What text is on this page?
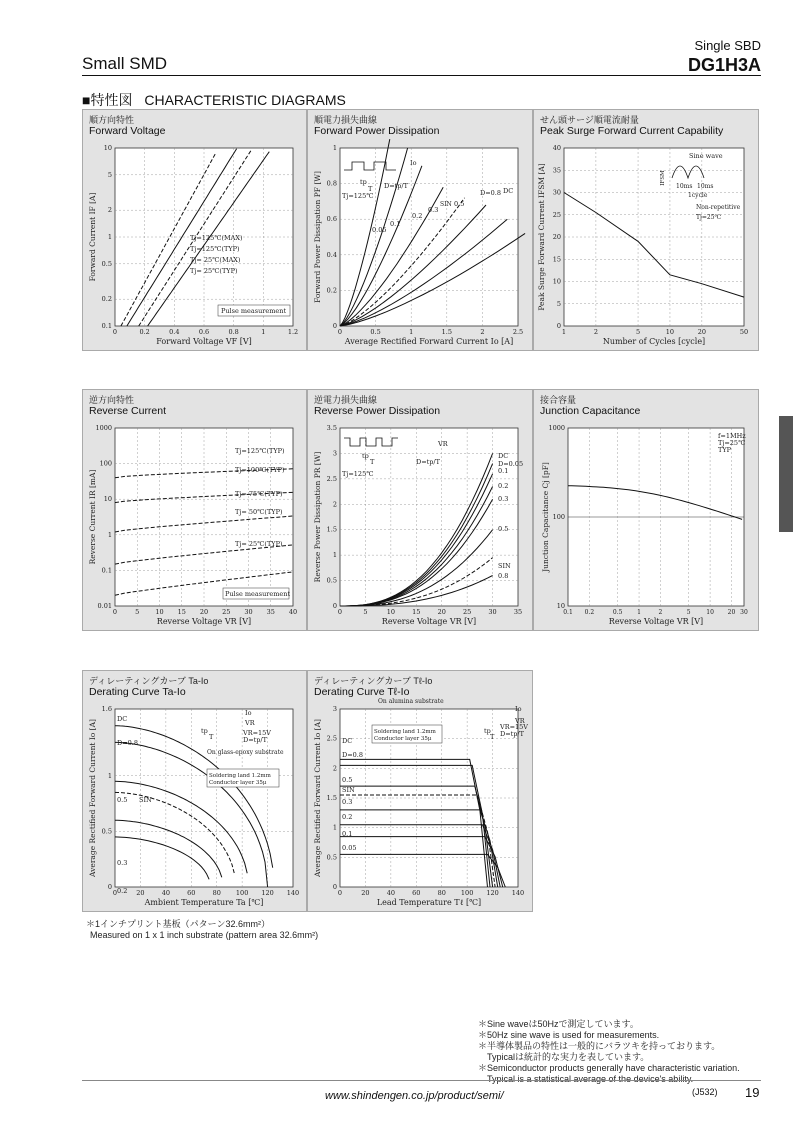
Small SMD
Single SBD
DG1H3A
■特性図 CHARACTERISTIC DIAGRAMS
順方向特性
Forward Voltage
Forward Voltage VF [V]
Forward Current IF [A]
0	0.2	0.4	0.6	0.8	1	1.2
0.1
0.2
0.5
1
2
5
10
Tj=125℃(MAX)
Tj=125℃(TYP)
Tj= 25℃(MAX)
Tj= 25℃(TYP)
Pulse measurement
順電力損失曲線
Forward Power Dissipation
Average Rectified Forward Current Io [A]
Forward Power Dissipation PF [W]
0	0.5	1	1.5	2	2.5
0
0.2
0.4
0.6
0.8
1
Tj=125℃
D=tp/T
Io
tp
T
SIN 0.5
0.3
0.2
0.1
0.05
D=0.8 DC
せん頭サージ順電流耐量
Peak Surge Forward Current Capability
Number of Cycles [cycle]
Peak Surge Forward Current IFSM [A]
0
5
10
15
20
25
30
35
40
1	2	5	10	20	50
Sine wave
IFSM
10ms 10ms
1cycle
Non-repetitive
Tj=25℃
逆方向特性
Reverse Current
Reverse Voltage VR [V]
Reverse Current IR [mA]
0	5 10 15 20 25 30 35 40
0.01
0.1
1
10
100
1000
Tj=125℃(TYP)
Tj=100℃(TYP)
Tj= 75℃(TYP)
Tj= 50℃(TYP)
Tj= 25℃(TYP)
Pulse measurement
逆電力損失曲線
Reverse Power Dissipation
Reverse Voltage VR [V]
Reverse Power Dissipation PR [W]
0	5	10	15	20	25	30	35
0
0.5
1
1.5
2
2.5
3
3.5
VR
D=tp/T
tp
T
Tj=125℃
DC
D=0.05
0.1
0.2
0.3
0.5
SIN
0.8
接合容量
Junction Capacitance
Reverse Voltage VR [V]
Junction Capacitance Cj [pF]
10
100
1000
0.1 0.2	0.5 1	2	5	10 20 30
f=1MHz
Tj=25℃
TYP
ディレーティングカーブ Ta-Io
Derating Curve Ta-Io
Ambient Temperature Ta [℃]
Average Rectified Forward Current Io [A]
0	20	40	60	80 100 120 140
0
0.5
1
1.6	Io
VR
tp
T	VR=15V
D=tp/T
On glass-epoxy substrate
Soldering land 1.2mm
Conductor layer 35μ
DC
D=0.8
0.5 SIN
0.3
0.2
ディレーティングカーブ Tℓ-Io
Derating Curve Tℓ-Io
Lead Temperature Tℓ [℃]
Average Rectified Forward Current Io [A]
0	20	40	60	80 100 120 140
0
0.5
1
1.5
2
2.5
3	Io
VR
tp
T
VR=15V
D=tp/T
On alumina substrate
Soldering land 1.2mm
Conductor layer 35μ
DC
D=0.8
0.5
SIN
0.3
0.2
0.1
0.05
＊1インチプリント基板（パターン32.6mm²）
Measured on 1 x 1 inch substrate (pattern area 32.6mm²)
＊Sine waveは50Hzで測定しています。
＊50Hz sine wave is used for measurements.
＊半導体製品の特性は一般的にバラツキを持っております。
　Typicalは統計的な実力を表しています。
＊Semiconductor products generally have characteristic variation.
　Typical is a statistical average of the device's ability.
www.shindengen.co.jp/product/semi/	(J532) 19
